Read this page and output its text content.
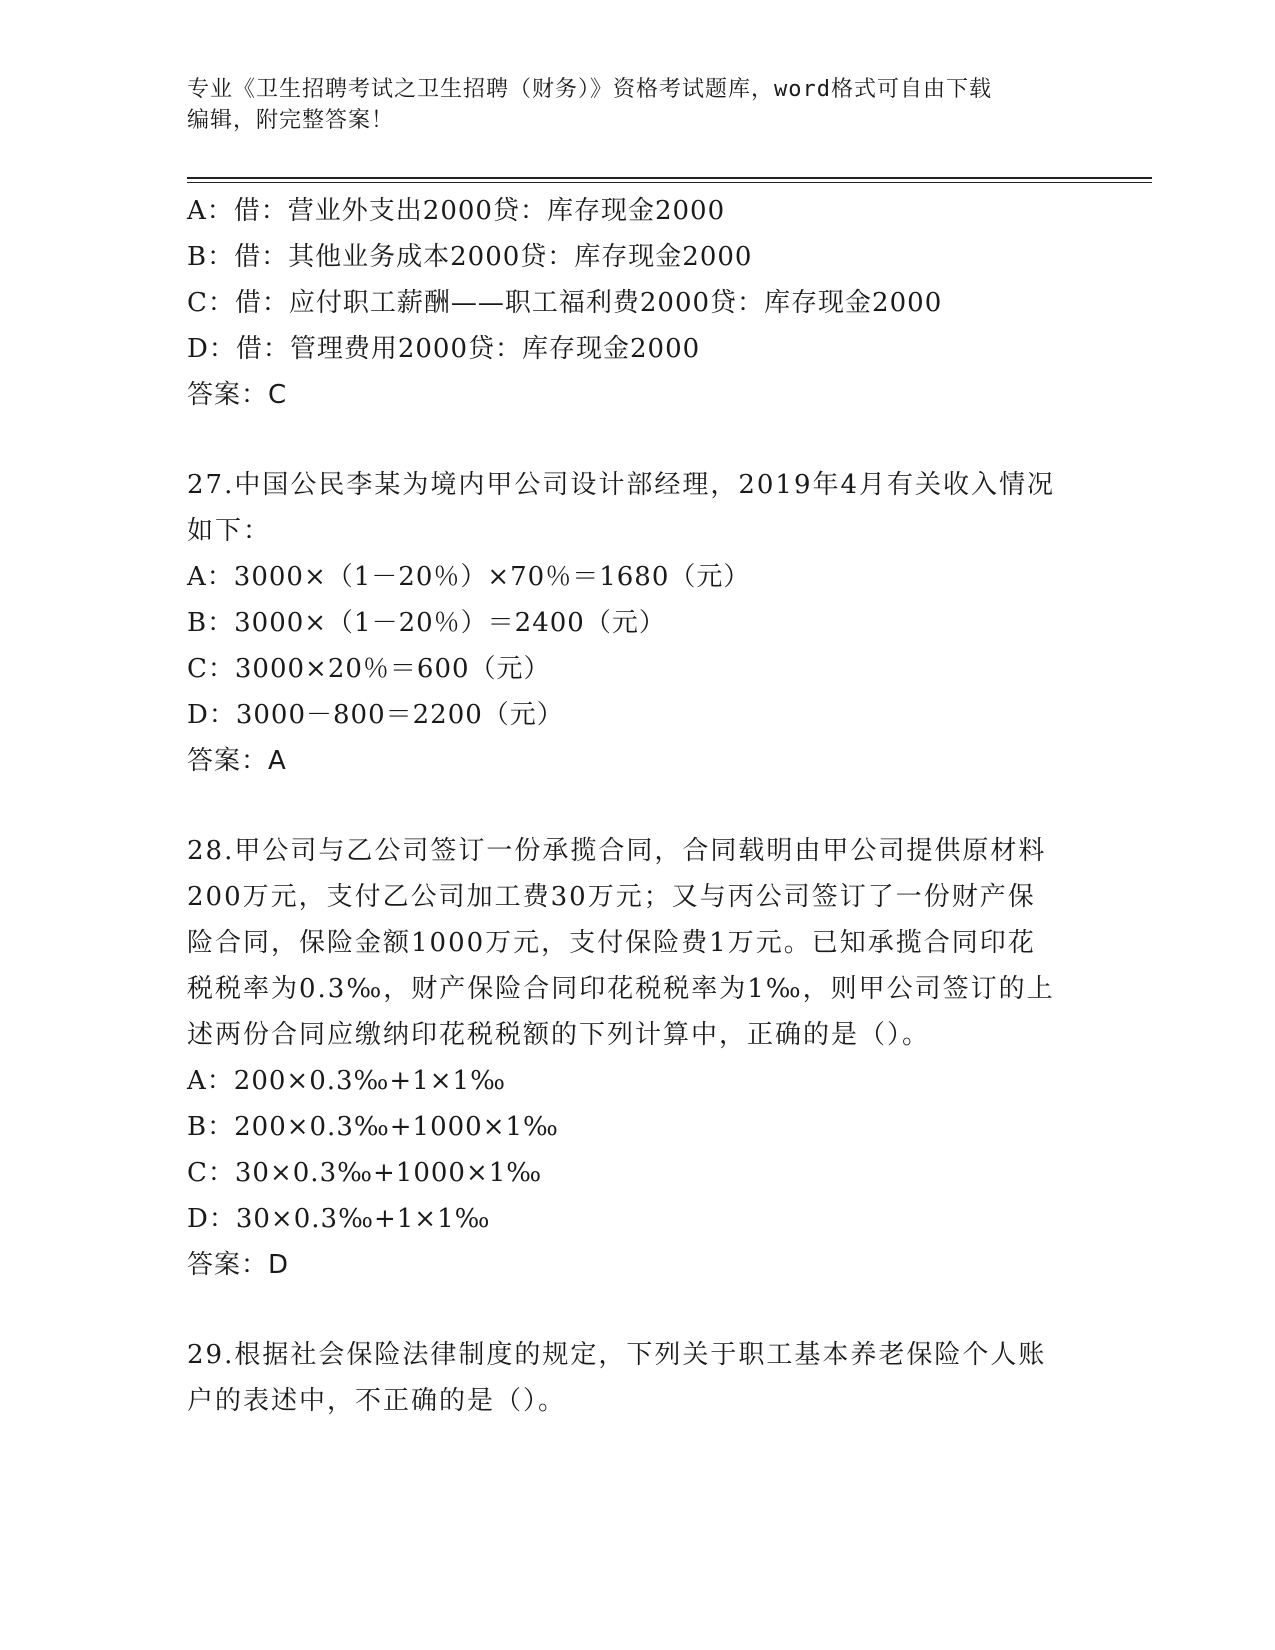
专业《卫生招聘考试之卫生招聘（财务）》资格考试题库，word格式可自由下载
编辑，附完整答案！
A：借：营业外支出2000贷：库存现金2000
B：借：其他业务成本2000贷：库存现金2000
C：借：应付职工薪酬——职工福利费2000贷：库存现金2000
D：借：管理费用2000贷：库存现金2000
答案：C
27.中国公民李某为境内甲公司设计部经理，2019年4月有关收入情况
如下：
A：3000×（1－20％）×70％＝1680（元）
B：3000×（1－20％）＝2400（元）
C：3000×20％＝600（元）
D：3000－800＝2200（元）
答案：A
28.甲公司与乙公司签订一份承揽合同，合同载明由甲公司提供原材料
200万元，支付乙公司加工费30万元；又与丙公司签订了一份财产保
险合同，保险金额1000万元，支付保险费1万元。已知承揽合同印花
税税率为0.3‰，财产保险合同印花税税率为1‰，则甲公司签订的上
述两份合同应缴纳印花税税额的下列计算中，正确的是（）。
A：200×0.3‰+1×1‰
B：200×0.3‰+1000×1‰
C：30×0.3‰+1000×1‰
D：30×0.3‰+1×1‰
答案：D
29.根据社会保险法律制度的规定，下列关于职工基本养老保险个人账
户的表述中，不正确的是（）。
